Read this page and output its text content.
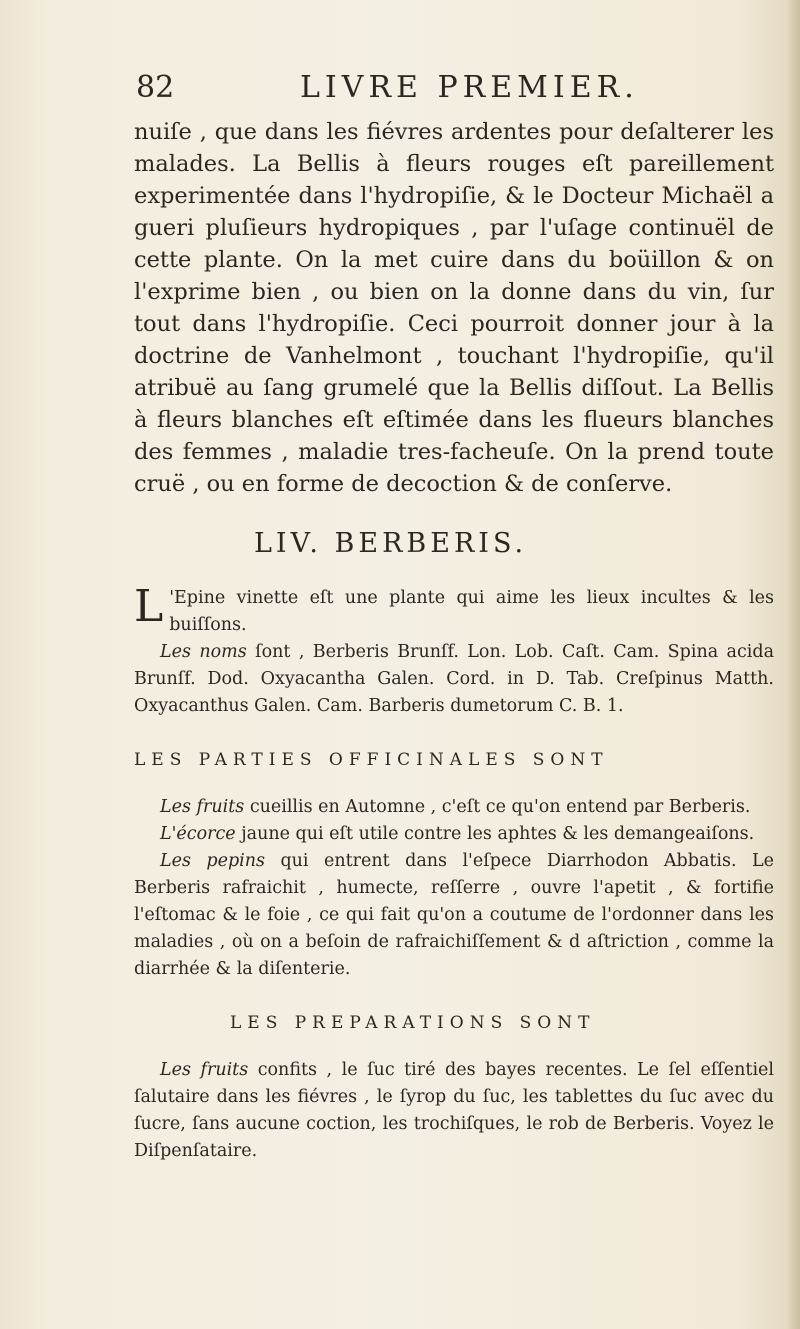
82	LIVRE PREMIER.

nuiſe , que dans les fiévres ardentes pour deſalterer les malades. La Bellis à fleurs rouges eſt pareillement experimentée dans l'hydropiſie, & le Docteur Michaël a gueri pluſieurs hydropiques , par l'uſage continuël de cette plante. On la met cuire dans du boüillon & on l'exprime bien , ou bien on la donne dans du vin, ſur tout dans l'hydropiſie. Ceci pourroit donner jour à la doctrine de Vanhelmont , touchant l'hydropiſie, qu'il atribuë au ſang grumelé que la Bellis diſſout. La Bellis à fleurs blanches eſt eſtimée dans les flueurs blanches des femmes , maladie tres-facheuſe. On la prend toute cruë , ou en forme de decoction & de conſerve.

LIV. BERBERIS.

L 'Epine vinette eſt une plante qui aime les lieux incultes & les buiſſons.

Les noms ſont , Berberis Brunſf. Lon. Lob. Caſt. Cam. Spina acida Brunſf. Dod. Oxyacantha Galen. Cord. in D. Tab. Creſpinus Matth. Oxyacanthus Galen. Cam. Barberis dumetorum C. B. 1.

LES PARTIES OFFICINALES SONT

Les fruits cueillis en Automne , c'eſt ce qu'on entend par Berberis.

L'écorce jaune qui eſt utile contre les aphtes & les demangeaiſons.

Les pepins qui entrent dans l'eſpece Diarrhodon Abbatis. Le Berberis rafraichit , humecte, reſſerre , ouvre l'apetit , & fortifie l'eſtomac & le foie , ce qui fait qu'on a coutume de l'ordonner dans les maladies , où on a beſoin de rafraichiſſement & d aſtriction , comme la diarrhée & la diſenterie.

LES PREPARATIONS SONT

Les fruits confits , le ſuc tiré des bayes recentes. Le ſel eſſentiel ſalutaire dans les fiévres , le ſyrop du ſuc, les tablettes du ſuc avec du ſucre, ſans aucune coction, les trochiſques, le rob de Berberis. Voyez le Diſpenſataire.
